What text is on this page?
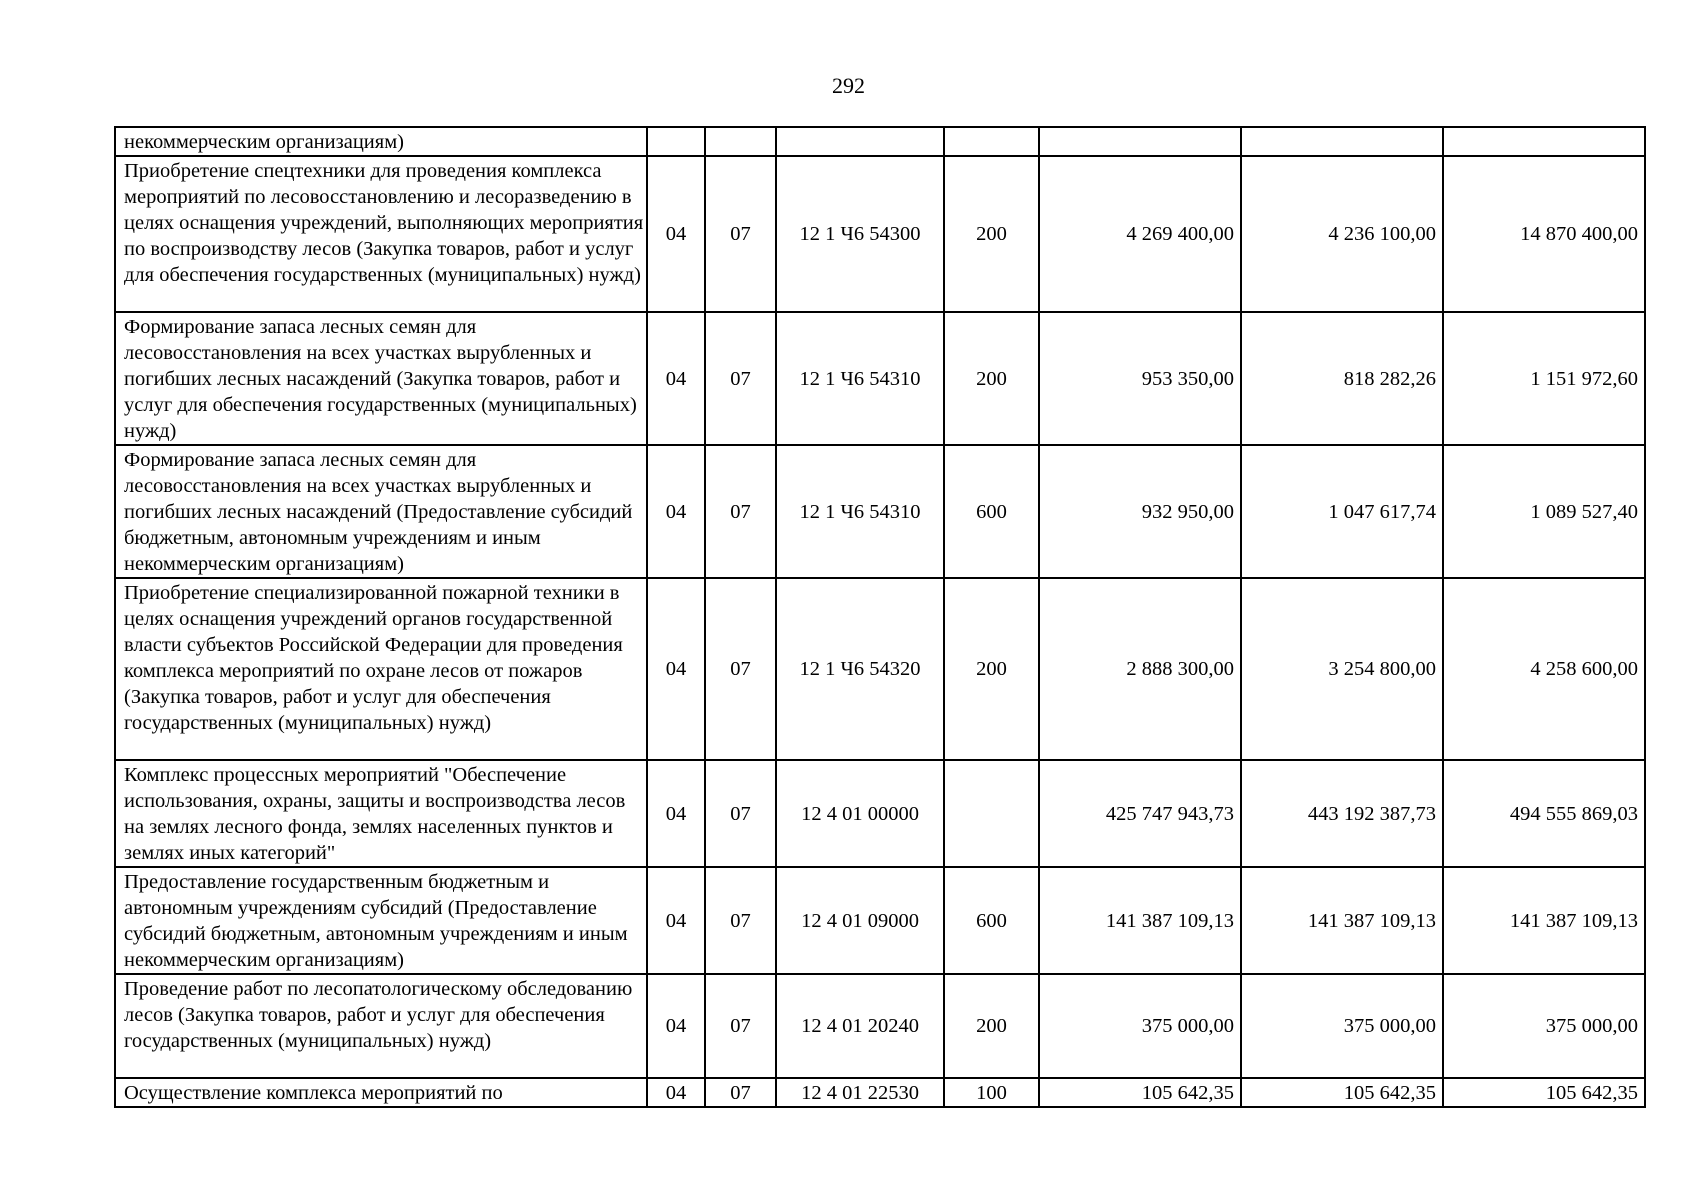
292
некоммерческим организациям)							
Приобретение спецтехники для проведения комплекса мероприятий по лесовосстановлению и лесоразведению в целях оснащения учреждений, выполняющих мероприятия по воспроизводству лесов (Закупка товаров, работ и услуг для обеспечения государственных (муниципальных) нужд)	04	07	12 1 Ч6 54300	200	4 269 400,00	4 236 100,00	14 870 400,00
Формирование запаса лесных семян для лесовосстановления на всех участках вырубленных и погибших лесных насаждений (Закупка товаров, работ и услуг для обеспечения государственных (муниципальных) нужд)	04	07	12 1 Ч6 54310	200	953 350,00	818 282,26	1 151 972,60
Формирование запаса лесных семян для лесовосстановления на всех участках вырубленных и погибших лесных насаждений (Предоставление субсидий бюджетным, автономным учреждениям и иным некоммерческим организациям)	04	07	12 1 Ч6 54310	600	932 950,00	1 047 617,74	1 089 527,40
Приобретение специализированной пожарной техники в целях оснащения учреждений органов государственной власти субъектов Российской Федерации для проведения комплекса мероприятий по охране лесов от пожаров (Закупка товаров, работ и услуг для обеспечения государственных (муниципальных) нужд)	04	07	12 1 Ч6 54320	200	2 888 300,00	3 254 800,00	4 258 600,00
Комплекс процессных мероприятий "Обеспечение использования, охраны, защиты и воспроизводства лесов на землях лесного фонда, землях населенных пунктов и землях иных категорий"	04	07	12 4 01 00000		425 747 943,73	443 192 387,73	494 555 869,03
Предоставление государственным бюджетным и автономным учреждениям субсидий (Предоставление субсидий бюджетным, автономным учреждениям и иным некоммерческим организациям)	04	07	12 4 01 09000	600	141 387 109,13	141 387 109,13	141 387 109,13
Проведение работ по лесопатологическому обследованию лесов (Закупка товаров, работ и услуг для обеспечения государственных (муниципальных) нужд)	04	07	12 4 01 20240	200	375 000,00	375 000,00	375 000,00
Осуществление комплекса мероприятий по	04	07	12 4 01 22530	100	105 642,35	105 642,35	105 642,35
